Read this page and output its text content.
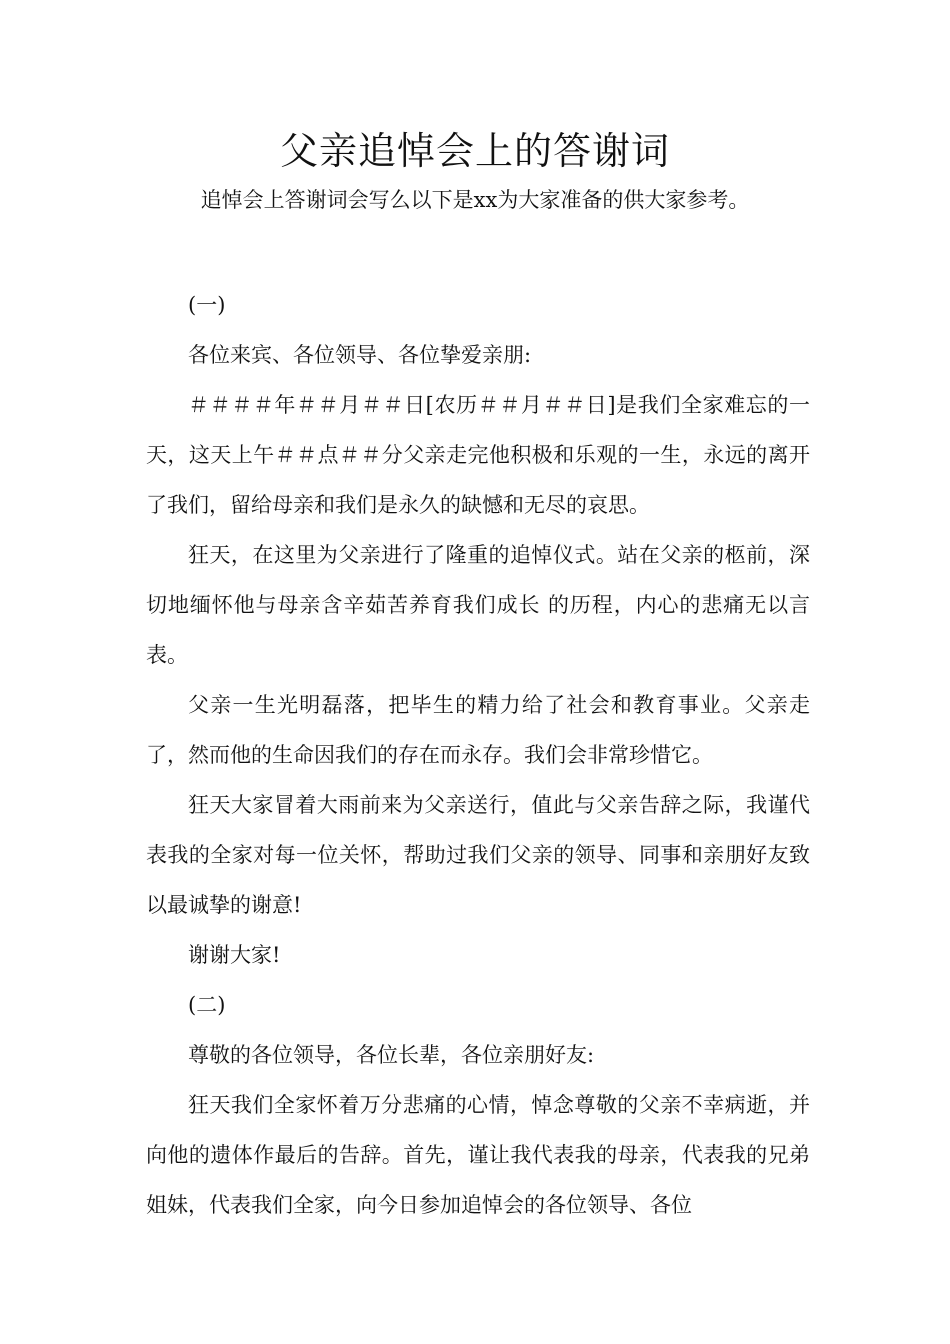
父亲追悼会上的答谢词

追悼会上答谢词会写么以下是xx为大家准备的供大家参考。

(一)

各位来宾、各位领导、各位挚爱亲朋:

＃＃＃＃年＃＃月＃＃日[农历＃＃月＃＃日]是我们全家难忘的一天，这天上午＃＃点＃＃分父亲走完他积极和乐观的一生，永远的离开了我们，留给母亲和我们是永久的缺憾和无尽的哀思。

狂天，在这里为父亲进行了隆重的追悼仪式。站在父亲的柩前，深切地缅怀他与母亲含辛茹苦养育我们成长 的历程，内心的悲痛无以言表。

父亲一生光明磊落，把毕生的精力给了社会和教育事业。父亲走了，然而他的生命因我们的存在而永存。我们会非常珍惜它。

狂天大家冒着大雨前来为父亲送行，值此与父亲告辞之际，我谨代表我的全家对每一位关怀，帮助过我们父亲的领导、同事和亲朋好友致以最诚挚的谢意!

谢谢大家!

(二)

尊敬的各位领导，各位长辈，各位亲朋好友:

狂天我们全家怀着万分悲痛的心情，悼念尊敬的父亲不幸病逝，并向他的遗体作最后的告辞。首先，谨让我代表我的母亲，代表我的兄弟姐妹，代表我们全家，向今日参加追悼会的各位领导、各位
